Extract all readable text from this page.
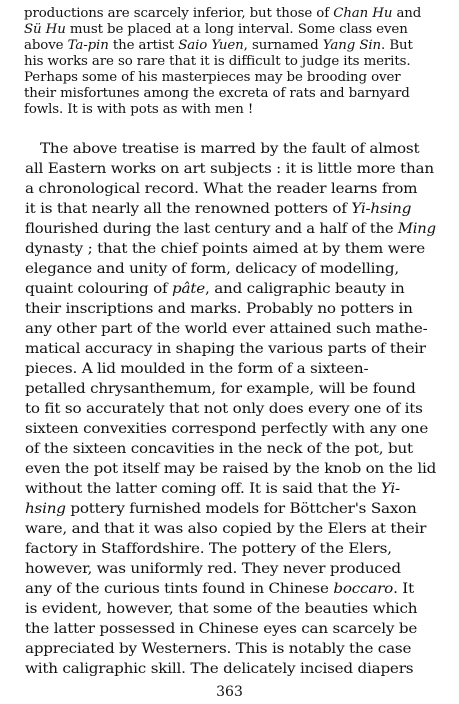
productions are scarcely inferior, but those of Chan Hu and
Sü Hu must be placed at a long interval. Some class even
above Ta-pin the artist Saio Yuen, surnamed Yang Sin. But
his works are so rare that it is difficult to judge its merits.
Perhaps some of his masterpieces may be brooding over
their misfortunes among the excreta of rats and barnyard
fowls. It is with pots as with men !
The above treatise is marred by the fault of almost
all Eastern works on art subjects : it is little more than
a chronological record. What the reader learns from
it is that nearly all the renowned potters of Yi-hsing
flourished during the last century and a half of the Ming
dynasty ; that the chief points aimed at by them were
elegance and unity of form, delicacy of modelling,
quaint colouring of pâte, and caligraphic beauty in
their inscriptions and marks. Probably no potters in
any other part of the world ever attained such mathe-
matical accuracy in shaping the various parts of their
pieces. A lid moulded in the form of a sixteen-
petalled chrysanthemum, for example, will be found
to fit so accurately that not only does every one of its
sixteen convexities correspond perfectly with any one
of the sixteen concavities in the neck of the pot, but
even the pot itself may be raised by the knob on the lid
without the latter coming off. It is said that the Yi-
hsing pottery furnished models for Böttcher's Saxon
ware, and that it was also copied by the Elers at their
factory in Staffordshire. The pottery of the Elers,
however, was uniformly red. They never produced
any of the curious tints found in Chinese boccaro. It
is evident, however, that some of the beauties which
the latter possessed in Chinese eyes can scarcely be
appreciated by Westerners. This is notably the case
with caligraphic skill. The delicately incised diapers
363
